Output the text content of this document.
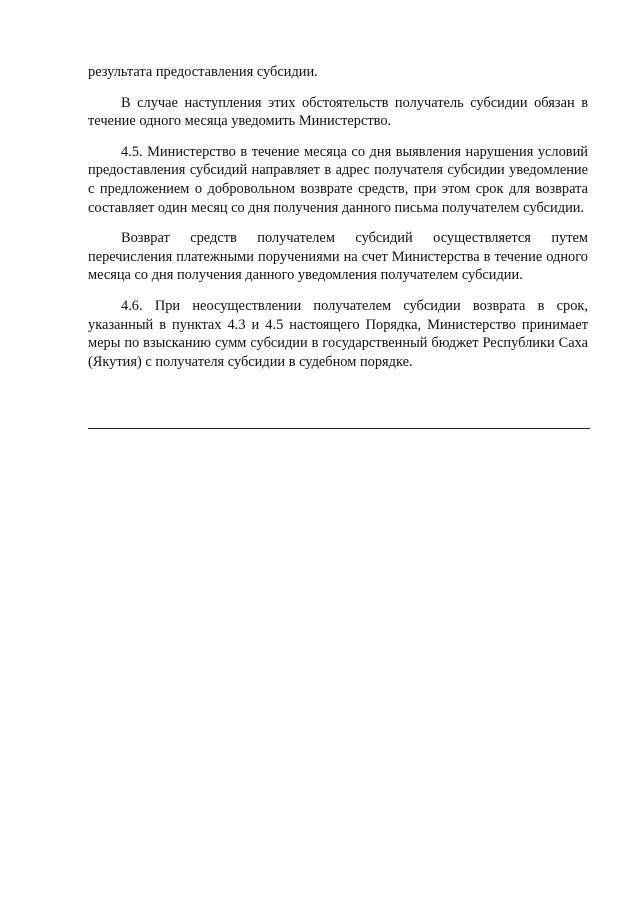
результата предоставления субсидии.

В случае наступления этих обстоятельств получатель субсидии обязан в течение одного месяца уведомить Министерство.

4.5. Министерство в течение месяца со дня выявления нарушения условий предоставления субсидий направляет в адрес получателя субсидии уведомление с предложением о добровольном возврате средств, при этом срок для возврата составляет один месяц со дня получения данного письма получателем субсидии.

Возврат средств получателем субсидий осуществляется путем перечисления платежными поручениями на счет Министерства в течение одного месяца со дня получения данного уведомления получателем субсидии.

4.6. При неосуществлении получателем субсидии возврата в срок, указанный в пунктах 4.3 и 4.5 настоящего Порядка, Министерство принимает меры по взысканию сумм субсидии в государственный бюджет Республики Саха (Якутия) с получателя субсидии в судебном порядке.
